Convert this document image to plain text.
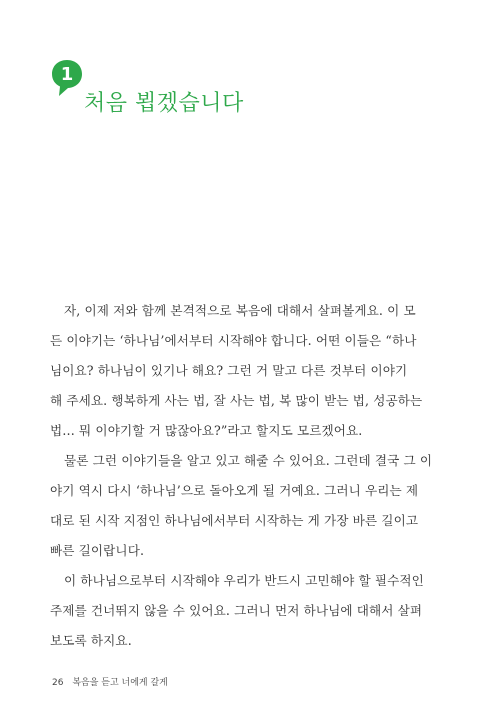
1
처음 뵙겠습니다
자, 이제 저와 함께 본격적으로 복음에 대해서 살펴볼게요. 이 모
든 이야기는 ‘하나님’에서부터 시작해야 합니다. 어떤 이들은 “하나
님이요? 하나님이 있기나 해요? 그런 거 말고 다른 것부터 이야기
해 주세요. 행복하게 사는 법, 잘 사는 법, 복 많이 받는 법, 성공하는
법… 뭐 이야기할 거 많잖아요?”라고 할지도 모르겠어요.
물론 그런 이야기들을 알고 있고 해줄 수 있어요. 그런데 결국 그 이
야기 역시 다시 ‘하나님’으로 돌아오게 될 거예요. 그러니 우리는 제
대로 된 시작 지점인 하나님에서부터 시작하는 게 가장 바른 길이고
빠른 길이랍니다.
이 하나님으로부터 시작해야 우리가 반드시 고민해야 할 필수적인
주제를 건너뛰지 않을 수 있어요. 그러니 먼저 하나님에 대해서 살펴
보도록 하지요.
26 복음을 듣고 너에게 갈게
